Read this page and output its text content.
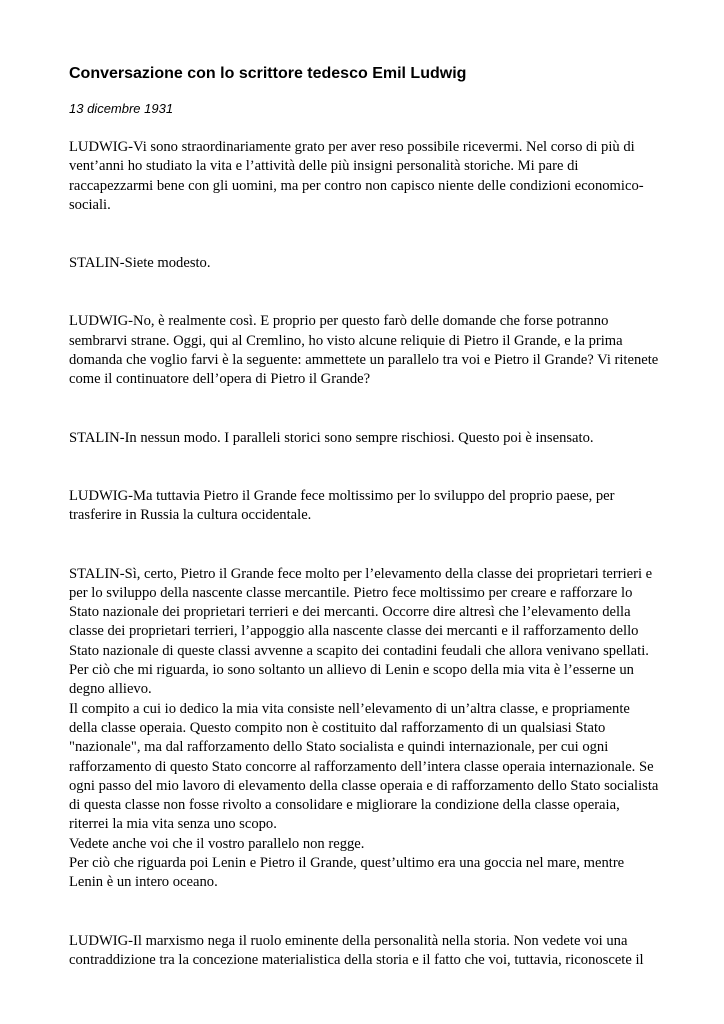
Conversazione con lo scrittore tedesco Emil Ludwig
13 dicembre 1931
LUDWIG-Vi sono straordinariamente grato per aver reso possibile ricevermi. Nel corso di più di vent’anni ho studiato la vita e l’attività delle più insigni personalità storiche. Mi pare di raccapezzarmi bene con gli uomini, ma per contro non capisco niente delle condizioni economico-sociali.
STALIN-Siete modesto.
LUDWIG-No, è realmente così. E proprio per questo farò delle domande che forse potranno sembrarvi strane. Oggi, qui al Cremlino, ho visto alcune reliquie di Pietro il Grande, e la prima domanda che voglio farvi è la seguente: ammettete un parallelo tra voi e Pietro il Grande? Vi ritenete come il continuatore dell’opera di Pietro il Grande?
STALIN-In nessun modo. I paralleli storici sono sempre rischiosi. Questo poi è insensato.
LUDWIG-Ma tuttavia Pietro il Grande fece moltissimo per lo sviluppo del proprio paese, per trasferire in Russia la cultura occidentale.
STALIN-Sì, certo, Pietro il Grande fece molto per l’elevamento della classe dei proprietari terrieri e per lo sviluppo della nascente classe mercantile. Pietro fece moltissimo per creare e rafforzare lo Stato nazionale dei proprietari terrieri e dei mercanti. Occorre dire altresì che l’elevamento della classe dei proprietari terrieri, l’appoggio alla nascente classe dei mercanti e il rafforzamento dello Stato nazionale di queste classi avvenne a scapito dei contadini feudali che allora venivano spellati. Per ciò che mi riguarda, io sono soltanto un allievo di Lenin e scopo della mia vita è l’esserne un degno allievo.
Il compito a cui io dedico la mia vita consiste nell’elevamento di un’altra classe, e propriamente della classe operaia. Questo compito non è costituito dal rafforzamento di un qualsiasi Stato "nazionale", ma dal rafforzamento dello Stato socialista e quindi internazionale, per cui ogni rafforzamento di questo Stato concorre al rafforzamento dell’intera classe operaia internazionale. Se ogni passo del mio lavoro di elevamento della classe operaia e di rafforzamento dello Stato socialista di questa classe non fosse rivolto a consolidare e migliorare la condizione della classe operaia, riterrei la mia vita senza uno scopo.
Vedete anche voi che il vostro parallelo non regge.
Per ciò che riguarda poi Lenin e Pietro il Grande, quest’ultimo era una goccia nel mare, mentre Lenin è un intero oceano.
LUDWIG-Il marxismo nega il ruolo eminente della personalità nella storia. Non vedete voi una contraddizione tra la concezione materialistica della storia e il fatto che voi, tuttavia, riconoscete il
